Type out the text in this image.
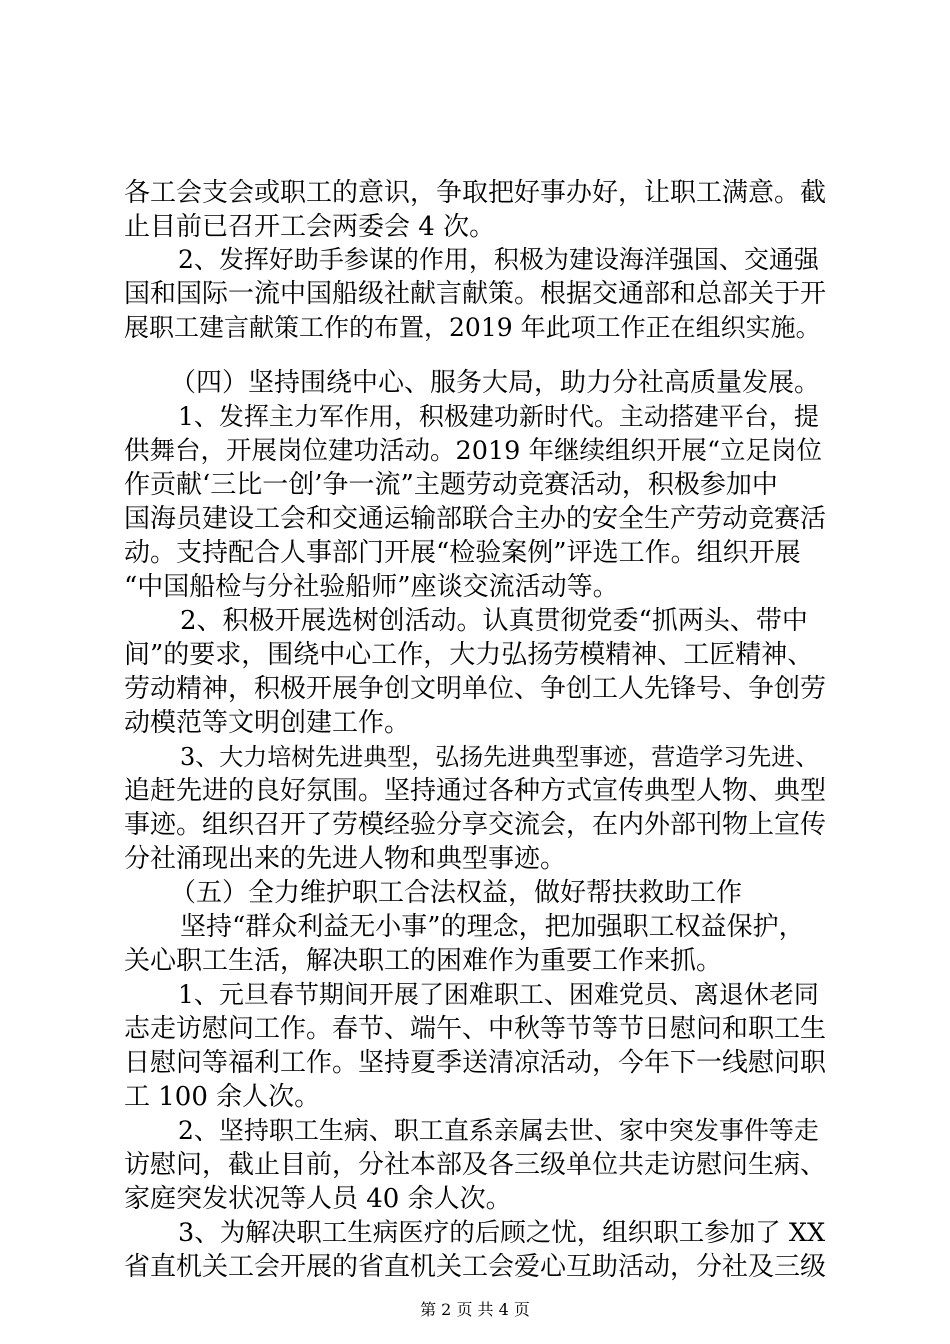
各工会支会或职工的意识，争取把好事办好，让职工满意。截
止目前已召开工会两委会 4 次。
2、发挥好助手参谋的作用，积极为建设海洋强国、交通强
国和国际一流中国船级社献言献策。根据交通部和总部关于开
展职工建言献策工作的布置，2019 年此项工作正在组织实施。
（四）坚持围绕中心、服务大局，助力分社高质量发展。
1、发挥主力军作用，积极建功新时代。主动搭建平台，提
供舞台，开展岗位建功活动。2019 年继续组织开展“立足岗位
作贡献‘三比一创’争一流”主题劳动竞赛活动，积极参加中
国海员建设工会和交通运输部联合主办的安全生产劳动竞赛活
动。支持配合人事部门开展“检验案例”评选工作。组织开展
“中国船检与分社验船师”座谈交流活动等。
2、积极开展选树创活动。认真贯彻党委“抓两头、带中
间”的要求，围绕中心工作，大力弘扬劳模精神、工匠精神、
劳动精神，积极开展争创文明单位、争创工人先锋号、争创劳
动模范等文明创建工作。
3、大力培树先进典型，弘扬先进典型事迹，营造学习先进、
追赶先进的良好氛围。坚持通过各种方式宣传典型人物、典型
事迹。组织召开了劳模经验分享交流会，在内外部刊物上宣传
分社涌现出来的先进人物和典型事迹。
（五）全力维护职工合法权益，做好帮扶救助工作
坚持“群众利益无小事”的理念，把加强职工权益保护，
关心职工生活，解决职工的困难作为重要工作来抓。
1、元旦春节期间开展了困难职工、困难党员、离退休老同
志走访慰问工作。春节、端午、中秋等节等节日慰问和职工生
日慰问等福利工作。坚持夏季送清凉活动，今年下一线慰问职
工 100 余人次。
2、坚持职工生病、职工直系亲属去世、家中突发事件等走
访慰问，截止目前，分社本部及各三级单位共走访慰问生病、
家庭突发状况等人员 40 余人次。
3、为解决职工生病医疗的后顾之忧，组织职工参加了 XX
省直机关工会开展的省直机关工会爱心互助活动，分社及三级
第 2 页 共 4 页
